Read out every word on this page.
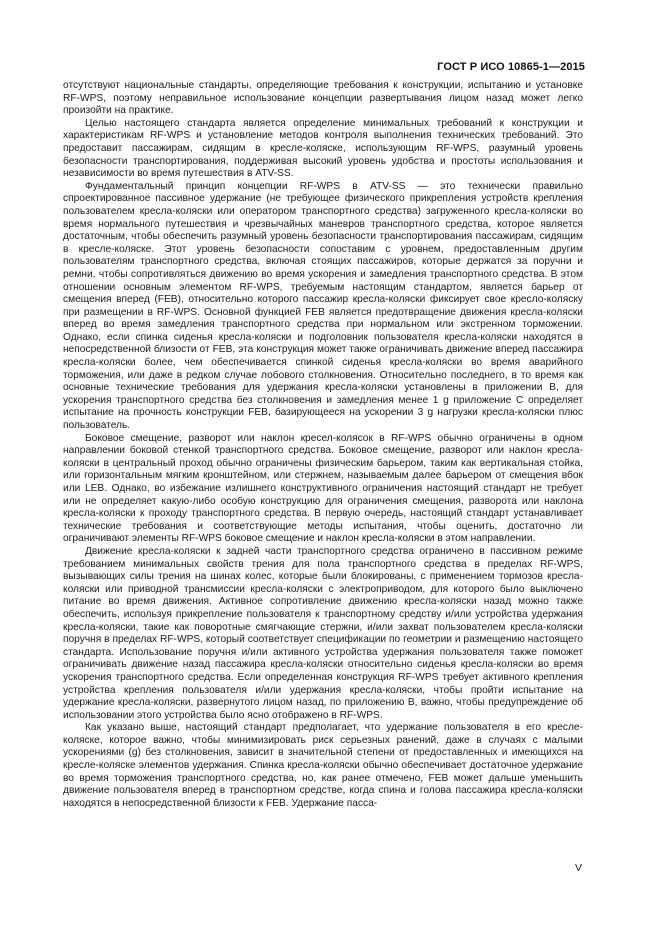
ГОСТ Р ИСО 10865-1—2015

отсутствуют национальные стандарты, определяющие требования к конструкции, испытанию и установке RF-WPS, поэтому неправильное использование концепции развертывания лицом назад может легко произойти на практике.

Целью настоящего стандарта является определение минимальных требований к конструкции и характеристикам RF-WPS и установление методов контроля выполнения технических требований. Это предоставит пассажирам, сидящим в кресле-коляске, использующим RF-WPS, разумный уровень безопасности транспортирования, поддерживая высокий уровень удобства и простоты использования и независимости во время путешествия в ATV-SS.

Фундаментальный принцип концепции RF-WPS в ATV-SS — это технически правильно спроектированное пассивное удержание (не требующее физического прикрепления устройств крепления пользователем кресла-коляски или оператором транспортного средства) загруженного кресла-коляски во время нормального путешествия и чрезвычайных маневров транспортного средства, которое является достаточным, чтобы обеспечить разумный уровень безопасности транспортирования пассажирам, сидящим в кресле-коляске. Этот уровень безопасности сопоставим с уровнем, предоставленным другим пользователям транспортного средства, включая стоящих пассажиров, которые держатся за поручни и ремни, чтобы сопротивляться движению во время ускорения и замедления транспортного средства. В этом отношении основным элементом RF-WPS, требуемым настоящим стандартом, является барьер от смещения вперед (FEB), относительно которого пассажир кресла-коляски фиксирует свое кресло-коляску при размещении в RF-WPS. Основной функцией FEB является предотвращение движения кресла-коляски вперед во время замедления транспортного средства при нормальном или экстренном торможении. Однако, если спинка сиденья кресла-коляски и подголовник пользователя кресла-коляски находятся в непосредственной близости от FEB, эта конструкция может также ограничивать движение вперед пассажира кресла-коляски более, чем обеспечивается спинкой сиденья кресла-коляски во время аварийного торможения, или даже в редком случае лобового столкновения. Относительно последнего, в то время как основные технические требования для удержания кресла-коляски установлены в приложении В, для ускорения транспортного средства без столкновения и замедления менее 1 g приложение С определяет испытание на прочность конструкции FEB, базирующееся на ускорении 3 g нагрузки кресла-коляски плюс пользователь.

Боковое смещение, разворот или наклон кресел-колясок в RF-WPS обычно ограничены в одном направлении боковой стенкой транспортного средства. Боковое смещение, разворот или наклон кресла-коляски в центральный проход обычно ограничены физическим барьером, таким как вертикальная стойка, или горизонтальным мягким кронштейном, или стержнем, называемым далее барьером от смещения вбок или LEB. Однако, во избежание излишнего конструктивного ограничения настоящий стандарт не требует или не определяет какую-либо особую конструкцию для ограничения смещения, разворота или наклона кресла-коляски к проходу транспортного средства. В первую очередь, настоящий стандарт устанавливает технические требования и соответствующие методы испытания, чтобы оценить, достаточно ли ограничивают элементы RF-WPS боковое смещение и наклон кресла-коляски в этом направлении.

Движение кресла-коляски к задней части транспортного средства ограничено в пассивном режиме требованием минимальных свойств трения для пола транспортного средства в пределах RF-WPS, вызывающих силы трения на шинах колес, которые были блокированы, с применением тормозов кресла-коляски или приводной трансмиссии кресла-коляски с электроприводом, для которого было выключено питание во время движения. Активное сопротивление движению кресла-коляски назад можно также обеспечить, используя прикрепление пользователя к транспортному средству и/или устройства удержания кресла-коляски, такие как поворотные смягчающие стержни, и/или захват пользователем кресла-коляски поручня в пределах RF-WPS, который соответствует спецификации по геометрии и размещению настоящего стандарта. Использование поручня и/или активного устройства удержания пользователя также поможет ограничивать движение назад пассажира кресла-коляски относительно сиденья кресла-коляски во время ускорения транспортного средства. Если определенная конструкция RF-WPS требует активного крепления устройства крепления пользователя и/или удержания кресла-коляски, чтобы пройти испытание на удержание кресла-коляски, развернутого лицом назад, по приложению В, важно, чтобы предупреждение об использовании этого устройства было ясно отображено в RF-WPS.

Как указано выше, настоящий стандарт предполагает, что удержание пользователя в его кресле-коляске, которое важно, чтобы минимизировать риск серьезных ранений, даже в случаях с малыми ускорениями (g) без столкновения, зависит в значительной степени от предоставленных и имеющихся на кресле-коляске элементов удержания. Спинка кресла-коляски обычно обеспечивает достаточное удержание во время торможения транспортного средства, но, как ранее отмечено, FEB может дальше уменьшить движение пользователя вперед в транспортном средстве, когда спина и голова пассажира кресла-коляски находятся в непосредственной близости к FEB. Удержание пасса-

V
